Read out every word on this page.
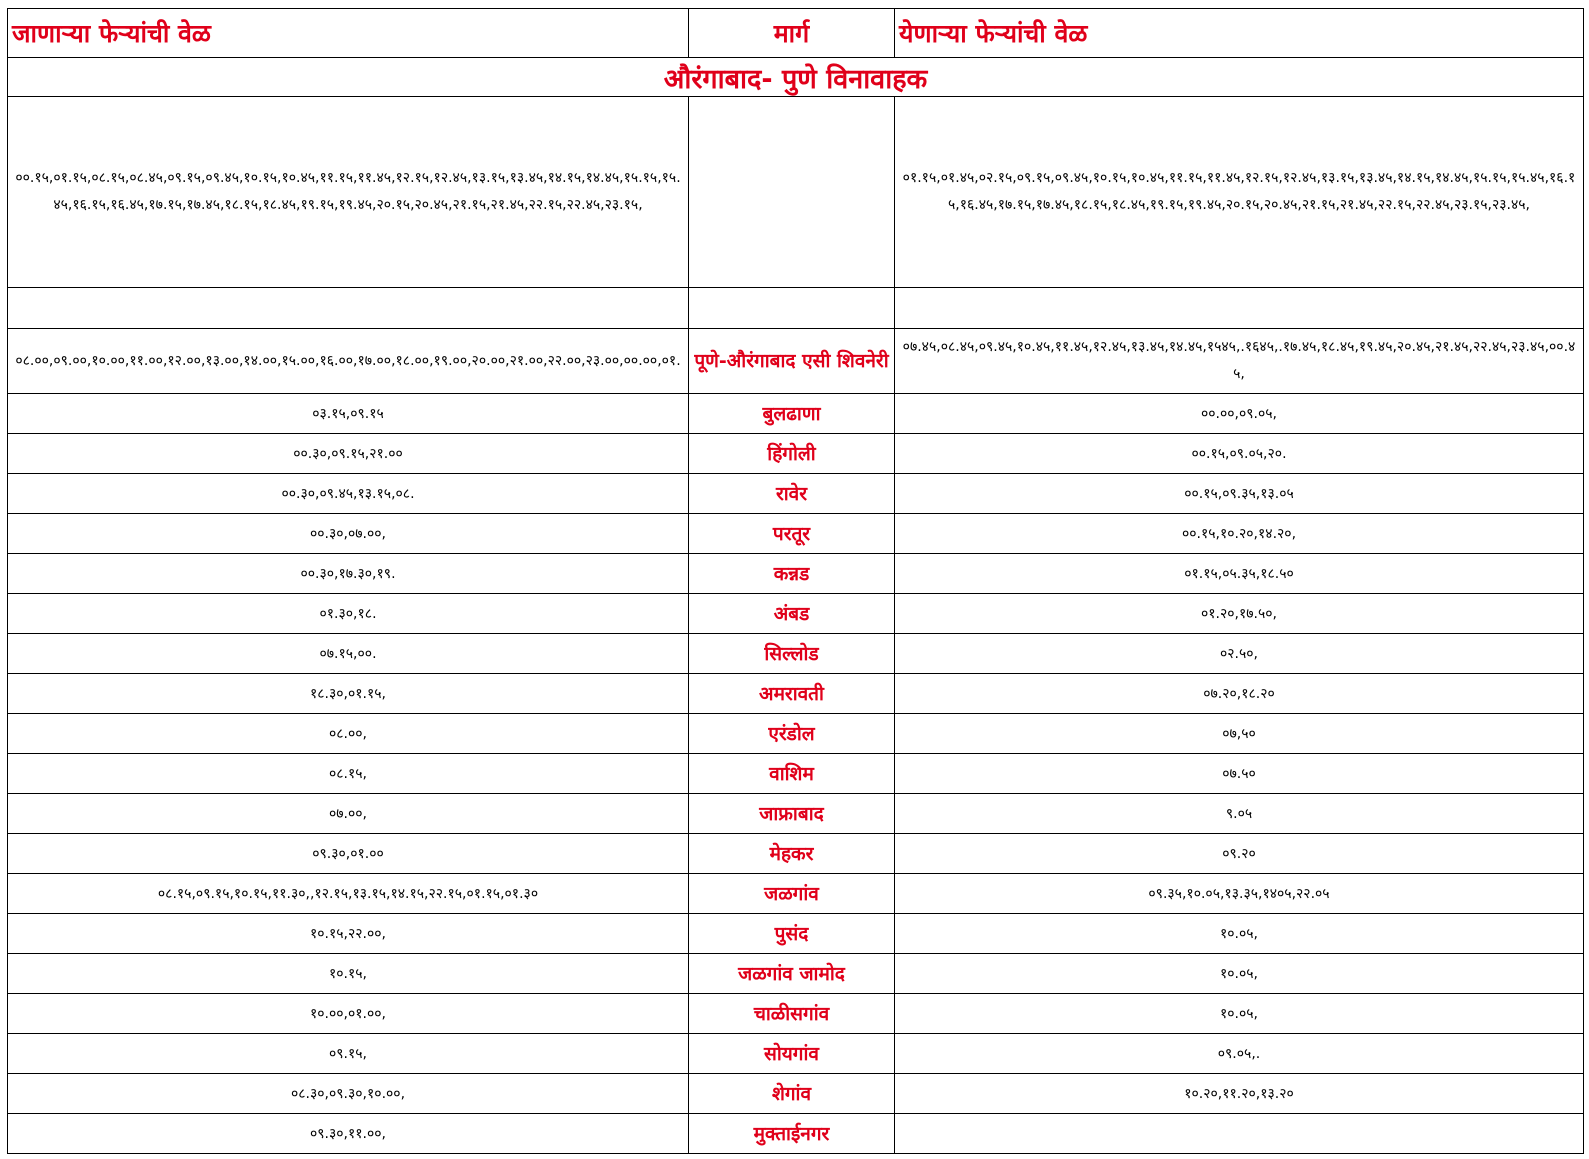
जाणाऱ्या फेऱ्यांची वेळ	मार्ग	येणाऱ्या फेऱ्यांची वेळ
औरंगाबाद- पुणे विनावाहक		
००.१५,०१.१५,०८.१५,०८.४५,०९.१५,०९.४५,१०.१५,१०.४५,११.१५,११.४५,१२.१५,१२.४५,१३.१५,१३.४५,१४.१५,१४.४५,१५.१५,१५.४५,१६.१५,१६.४५,१७.१५,१७.४५,१८.१५,१८.४५,१९.१५,१९.४५,२०.१५,२०.४५,२१.१५,२१.४५,२२.१५,२२.४५,२३.१५,		०१.१५,०१.४५,०२.१५,०९.१५,०९.४५,१०.१५,१०.४५,११.१५,११.४५,१२.१५,१२.४५,१३.१५,१३.४५,१४.१५,१४.४५,१५.१५,१५.४५,१६.१५,१६.४५,१७.१५,१७.४५,१८.१५,१८.४५,१९.१५,१९.४५,२०.१५,२०.४५,२१.१५,२१.४५,२२.१५,२२.४५,२३.१५,२३.४५,

०८.००,०९.००,१०.००,११.००,१२.००,१३.००,१४.००,१५.००,१६.००,१७.००,१८.००,१९.००,२०.००,२१.००,२२.००,२३.००,००.००,०१.	पूणे-औरंगाबाद एसी शिवनेरी	०७.४५,०८.४५,०९.४५,१०.४५,११.४५,१२.४५,१३.४५,१४.४५,१५४५,.१६४५,.१७.४५,१८.४५,१९.४५,२०.४५,२१.४५,२२.४५,२३.४५,००.४५,
०३.१५,०९.१५	बुलढाणा	००.००,०९.०५,
००.३०,०९.१५,२१.००	हिंगोली	००.१५,०९.०५,२०.
००.३०,०९.४५,१३.१५,०८.	रावेर	००.१५,०९.३५,१३.०५
००.३०,०७.००,	परतूर	००.१५,१०.२०,१४.२०,
००.३०,१७.३०,१९.	कन्नड	०१.१५,०५.३५,१८.५०
०१.३०,१८.	अंबड	०१.२०,१७.५०,
०७.१५,००.	सिल्लोड	०२.५०,
१८.३०,०१.१५,	अमरावती	०७.२०,१८.२०
०८.००,	एरंडोल	०७,५०
०८.१५,	वाशिम	०७.५०
०७.००,	जाफ्राबाद	९.०५
०९.३०,०१.००	मेहकर	०९.२०
०८.१५,०९.१५,१०.१५,११.३०,,१२.१५,१३.१५,१४.१५,२२.१५,०१.१५,०१.३०	जळगांव	०९.३५,१०.०५,१३.३५,१४०५,२२.०५
१०.१५,२२.००,	पुसंद	१०.०५,
१०.१५,	जळगांव जामोद	१०.०५,
१०.००,०१.००,	चाळीसगांव	१०.०५,
०९.१५,	सोयगांव	०९.०५,.
०८.३०,०९.३०,१०.००,	शेगांव	१०.२०,११.२०,१३.२०
०९.३०,११.००,	मुक्ताईनगर	
